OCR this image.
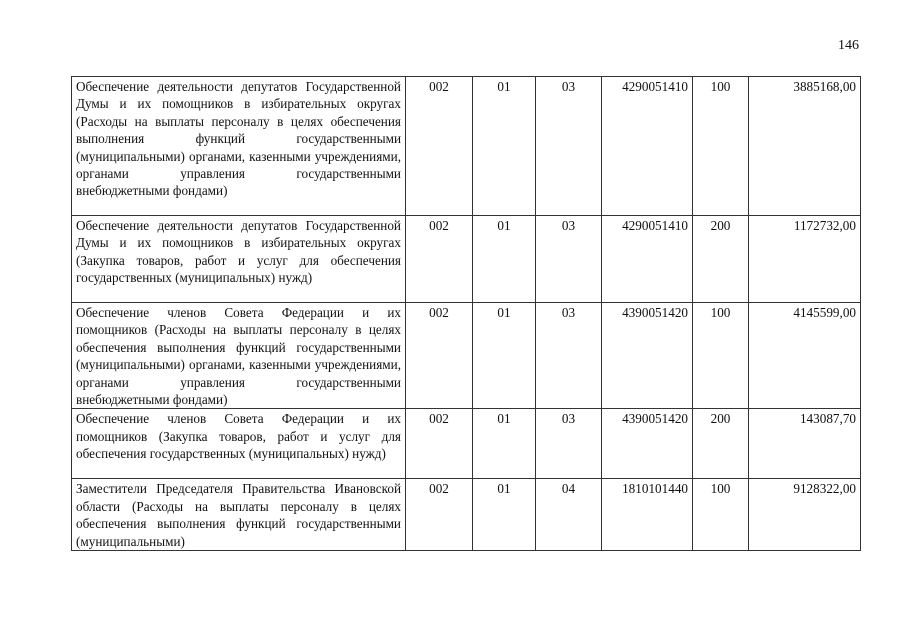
146
Обеспечение деятельности депутатов Государственной Думы и их помощников в избирательных округах (Расходы на выплаты персоналу в целях обеспечения выполнения функций государственными (муниципальными) органами, казенными учреждениями, органами управления государственными внебюджетными фондами)	002	01	03	4290051410	100	3885168,00
Обеспечение деятельности депутатов Государственной Думы и их помощников в избирательных округах (Закупка товаров, работ и услуг для обеспечения государственных (муниципальных) нужд)	002	01	03	4290051410	200	1172732,00
Обеспечение членов Совета Федерации и их помощников (Расходы на выплаты персоналу в целях обеспечения выполнения функций государственными (муниципальными) органами, казенными учреждениями, органами управления государственными внебюджетными фондами)	002	01	03	4390051420	100	4145599,00
Обеспечение членов Совета Федерации и их помощников (Закупка товаров, работ и услуг для обеспечения государственных (муниципальных) нужд)	002	01	03	4390051420	200	143087,70
Заместители Председателя Правительства Ивановской области (Расходы на выплаты персоналу в целях обеспечения выполнения функций государственными (муниципальными)	002	01	04	1810101440	100	9128322,00
